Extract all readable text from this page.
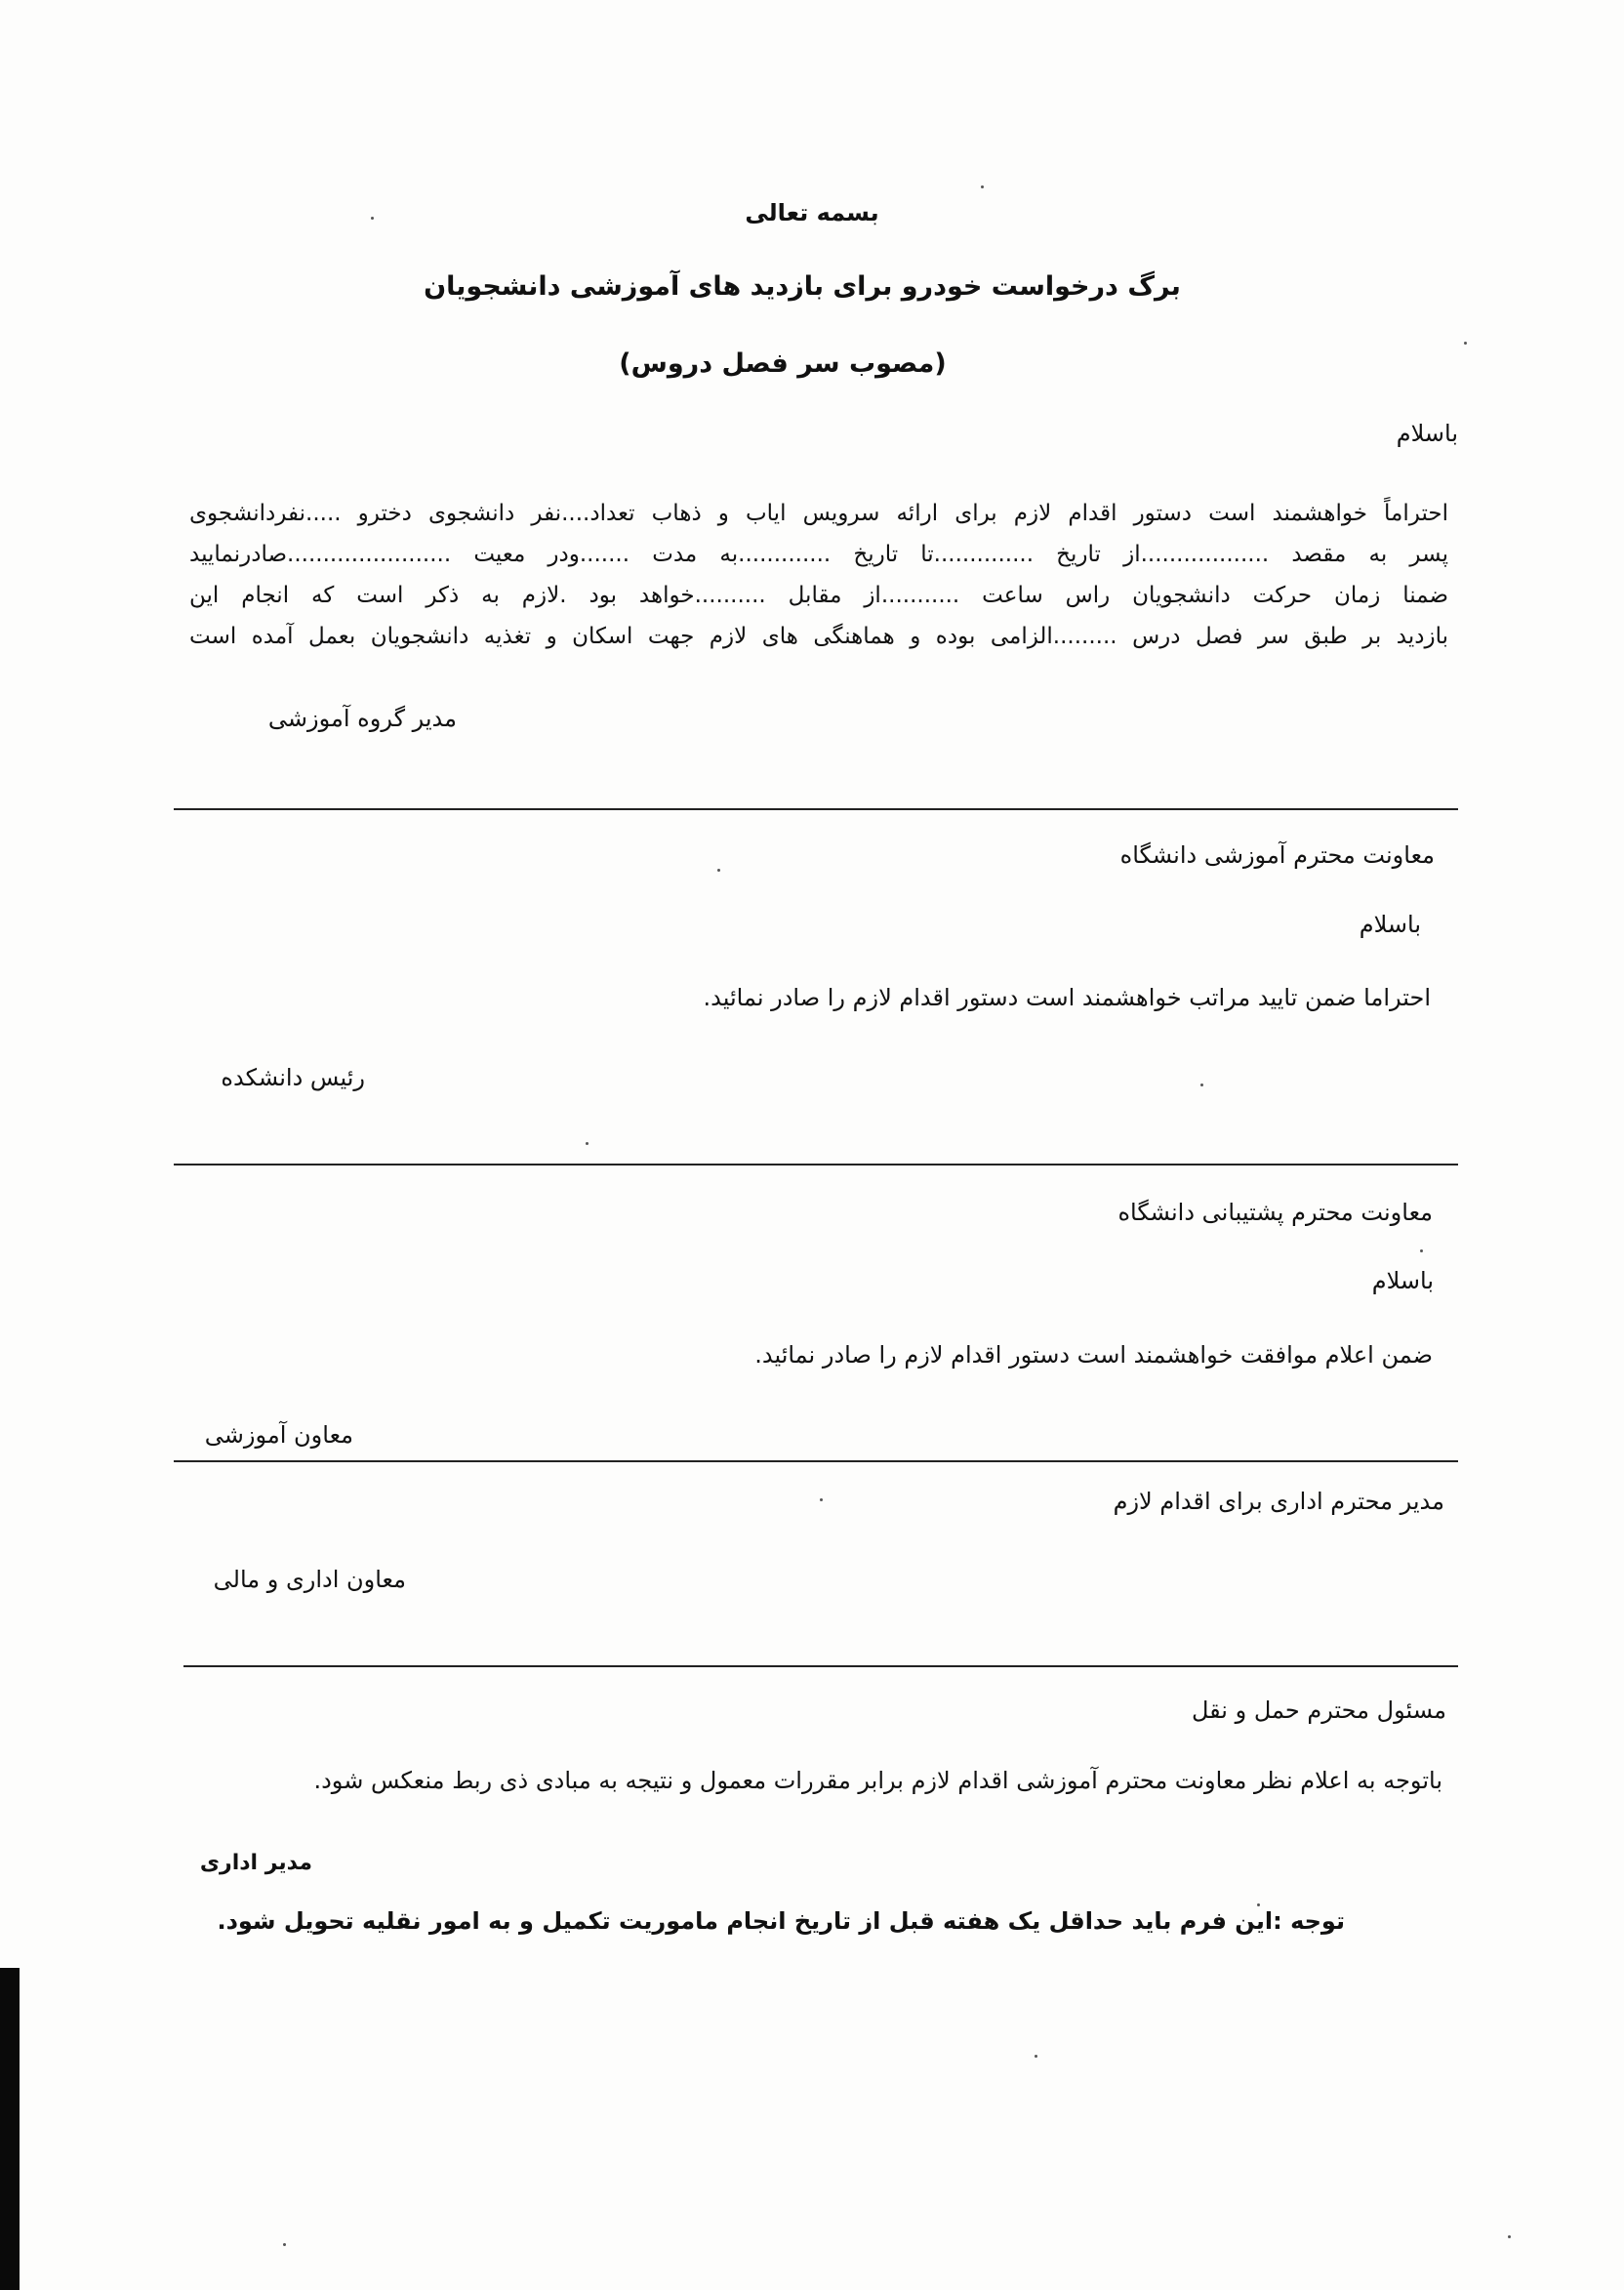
بسمه تعالی
برگ درخواست خودرو برای بازدید های آموزشی دانشجویان
(مصوب سر فصل دروس)
باسلام
احتراماً خواهشمند است دستور اقدام لازم برای ارائه سرویس ایاب و ذهاب تعداد....نفر دانشجوی دخترو .....نفردانشجوی
پسر به مقصد ..................از تاریخ ..............تا تاریخ .............به مدت .......ودر معیت .......................صادرنمایید
ضمنا زمان حرکت دانشجویان راس ساعت ...........از مقابل ..........خواهد بود .لازم به ذکر است که انجام این
بازدید بر طبق سر فصل درس .........الزامی بوده و هماهنگی های لازم جهت اسکان و تغذیه دانشجویان بعمل آمده است
مدیر گروه آموزشی
معاونت محترم آموزشی دانشگاه
باسلام
احتراما ضمن تایید مراتب خواهشمند است دستور اقدام لازم را صادر نمائید.
رئیس دانشکده
معاونت محترم پشتیبانی دانشگاه
باسلام
ضمن اعلام موافقت خواهشمند است دستور اقدام لازم را صادر نمائید.
معاون آموزشی
مدیر محترم اداری برای اقدام لازم
معاون اداری و مالی
مسئول محترم حمل و نقل
باتوجه به اعلام نظر معاونت محترم آموزشی اقدام لازم برابر مقررات معمول و نتیجه به مبادی ذی ربط منعکس شود.
مدیر اداری
توجه :این فرم باید حداقل یک هفته قبل از تاریخ انجام ماموریت تکمیل و به امور نقلیه تحویل شود.
